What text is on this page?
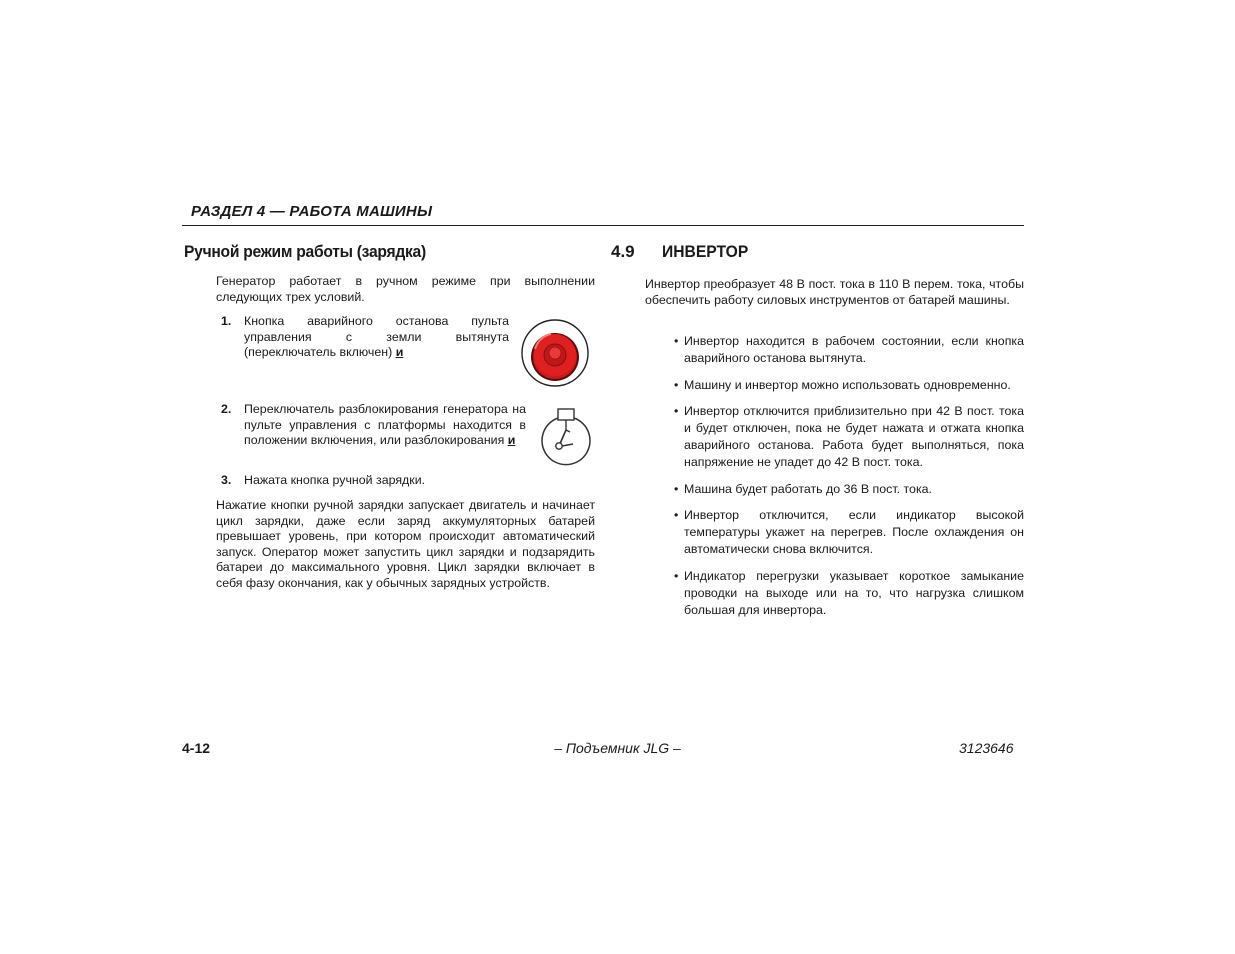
РАЗДЕЛ 4 — РАБОТА МАШИНЫ
Ручной режим работы (зарядка)
Генератор работает в ручном режиме при выполнении следующих трех условий.
1. Кнопка аварийного останова пульта управления с земли вытянута (переключатель включен) и
2. Переключатель разблокирования генератора на пульте управления с платформы находится в положении включения, или разблокирования и
3. Нажата кнопка ручной зарядки.
Нажатие кнопки ручной зарядки запускает двигатель и начинает цикл зарядки, даже если заряд аккумуляторных батарей превышает уровень, при котором происходит автоматический запуск. Оператор может запустить цикл зарядки и подзарядить батареи до максимального уровня. Цикл зарядки включает в себя фазу окончания, как у обычных зарядных устройств.
4.9 ИНВЕРТОР
Инвертор преобразует 48 В пост. тока в 110 В перем. тока, чтобы обеспечить работу силовых инструментов от батарей машины.
• Инвертор находится в рабочем состоянии, если кнопка аварийного останова вытянута.
• Машину и инвертор можно использовать одновременно.
• Инвертор отключится приблизительно при 42 В пост. тока и будет отключен, пока не будет нажата и отжата кнопка аварийного останова. Работа будет выполняться, пока напряжение не упадет до 42 В пост. тока.
• Машина будет работать до 36 В пост. тока.
• Инвертор отключится, если индикатор высокой температуры укажет на перегрев. После охлаждения он автоматически снова включится.
• Индикатор перегрузки указывает короткое замыкание проводки на выходе или на то, что нагрузка слишком большая для инвертора.
4-12	– Подъемник JLG –	3123646
